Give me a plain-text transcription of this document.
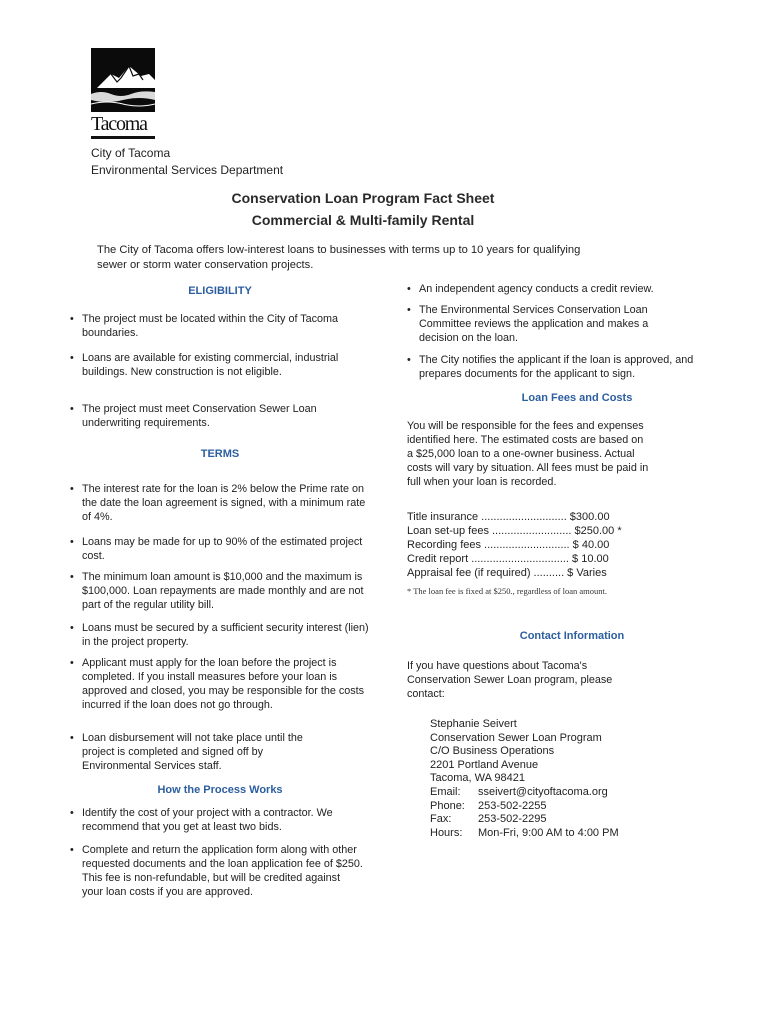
Tacoma
City of Tacoma
Environmental Services Department
Conservation Loan Program Fact Sheet
Commercial & Multi-family Rental
The City of Tacoma offers low-interest loans to businesses with terms up to 10 years for qualifying sewer or storm water conservation projects.
ELIGIBILITY
• The project must be located within the City of Tacoma boundaries.
• Loans are available for existing commercial, industrial buildings. New construction is not eligible.
• The project must meet Conservation Sewer Loan underwriting requirements.
TERMS
• The interest rate for the loan is 2% below the Prime rate on the date the loan agreement is signed, with a minimum rate of 4%.
• Loans may be made for up to 90% of the estimated project cost.
• The minimum loan amount is $10,000 and the maximum is $100,000. Loan repayments are made monthly and are not part of the regular utility bill.
• Loans must be secured by a sufficient security interest (lien) in the project property.
• Applicant must apply for the loan before the project is completed. If you install measures before your loan is approved and closed, you may be responsible for the costs incurred if the loan does not go through.
• Loan disbursement will not take place until the project is completed and signed off by Environmental Services staff.
How the Process Works
• Identify the cost of your project with a contractor. We recommend that you get at least two bids.
• Complete and return the application form along with other requested documents and the loan application fee of $250. This fee is non-refundable, but will be credited against your loan costs if you are approved.
• An independent agency conducts a credit review.
• The Environmental Services Conservation Loan Committee reviews the application and makes a decision on the loan.
• The City notifies the applicant if the loan is approved, and prepares documents for the applicant to sign.
Loan Fees and Costs
You will be responsible for the fees and expenses identified here. The estimated costs are based on a $25,000 loan to a one-owner business. Actual costs will vary by situation. All fees must be paid in full when your loan is recorded.
Contact Information
If you have questions about Tacoma's Conservation Sewer Loan program, please contact:
Title insurance ............................ $300.00
Loan set-up fees .......................... $250.00 *
Recording fees ............................ $ 40.00
Credit report ................................ $ 10.00
Appraisal fee (if required) .......... $ Varies
* The loan fee is fixed at $250., regardless of loan amount.
Stephanie Seivert
Conservation Sewer Loan Program
C/O Business Operations
2201 Portland Avenue
Tacoma, WA 98421
Email:	sseivert@cityoftacoma.org
Phone:	253-502-2255
Fax:	253-502-2295
Hours:	Mon-Fri, 9:00 AM to 4:00 PM
